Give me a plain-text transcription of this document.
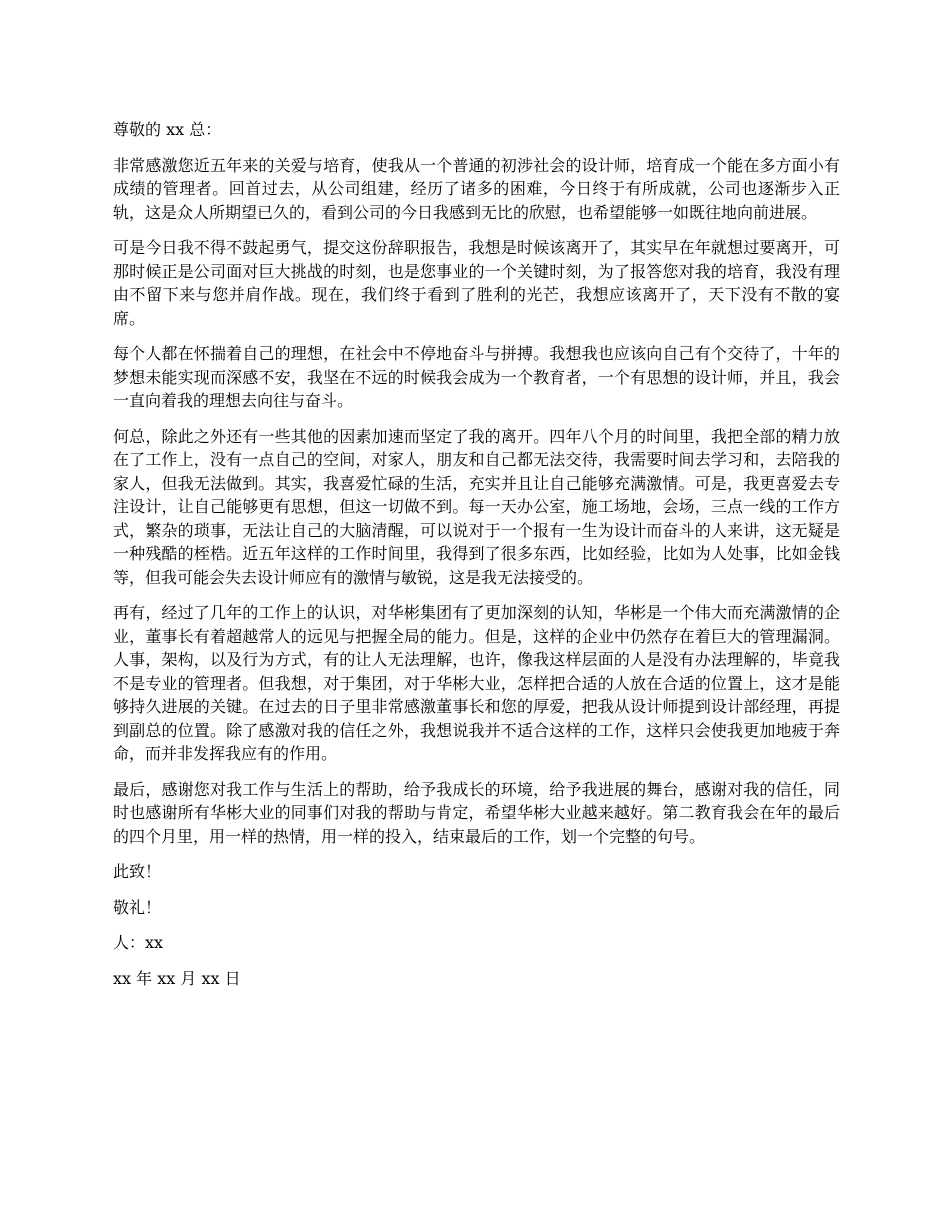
尊敬的 xx 总：

非常感激您近五年来的关爱与培育，使我从一个普通的初涉社会的设计师，培育成一个能在多方面小有成绩的管理者。回首过去，从公司组建，经历了诸多的困难，今日终于有所成就，公司也逐渐步入正轨，这是众人所期望已久的，看到公司的今日我感到无比的欣慰，也希望能够一如既往地向前进展。

可是今日我不得不鼓起勇气，提交这份辞职报告，我想是时候该离开了，其实早在年就想过要离开，可那时候正是公司面对巨大挑战的时刻，也是您事业的一个关键时刻，为了报答您对我的培育，我没有理由不留下来与您并肩作战。现在，我们终于看到了胜利的光芒，我想应该离开了，天下没有不散的宴席。

每个人都在怀揣着自己的理想，在社会中不停地奋斗与拼搏。我想我也应该向自己有个交待了，十年的梦想未能实现而深感不安，我坚在不远的时候我会成为一个教育者，一个有思想的设计师，并且，我会一直向着我的理想去向往与奋斗。

何总，除此之外还有一些其他的因素加速而坚定了我的离开。四年八个月的时间里，我把全部的精力放在了工作上，没有一点自己的空间，对家人，朋友和自己都无法交待，我需要时间去学习和，去陪我的家人，但我无法做到。其实，我喜爱忙碌的生活，充实并且让自己能够充满激情。可是，我更喜爱去专注设计，让自己能够更有思想，但这一切做不到。每一天办公室，施工场地，会场，三点一线的工作方式，繁杂的琐事，无法让自己的大脑清醒，可以说对于一个报有一生为设计而奋斗的人来讲，这无疑是一种残酷的桎梏。近五年这样的工作时间里，我得到了很多东西，比如经验，比如为人处事，比如金钱等，但我可能会失去设计师应有的激情与敏锐，这是我无法接受的。

再有，经过了几年的工作上的认识，对华彬集团有了更加深刻的认知，华彬是一个伟大而充满激情的企业，董事长有着超越常人的远见与把握全局的能力。但是，这样的企业中仍然存在着巨大的管理漏洞。人事，架构，以及行为方式，有的让人无法理解，也许，像我这样层面的人是没有办法理解的，毕竟我不是专业的管理者。但我想，对于集团，对于华彬大业，怎样把合适的人放在合适的位置上，这才是能够持久进展的关键。在过去的日子里非常感激董事长和您的厚爱，把我从设计师提到设计部经理，再提到副总的位置。除了感激对我的信任之外，我想说我并不适合这样的工作，这样只会使我更加地疲于奔命，而并非发挥我应有的作用。

最后，感谢您对我工作与生活上的帮助，给予我成长的环境，给予我进展的舞台，感谢对我的信任，同时也感谢所有华彬大业的同事们对我的帮助与肯定，希望华彬大业越来越好。第二教育我会在年的最后的四个月里，用一样的热情，用一样的投入，结束最后的工作，划一个完整的句号。

此致！

敬礼！

人：xx

xx 年 xx 月 xx 日
